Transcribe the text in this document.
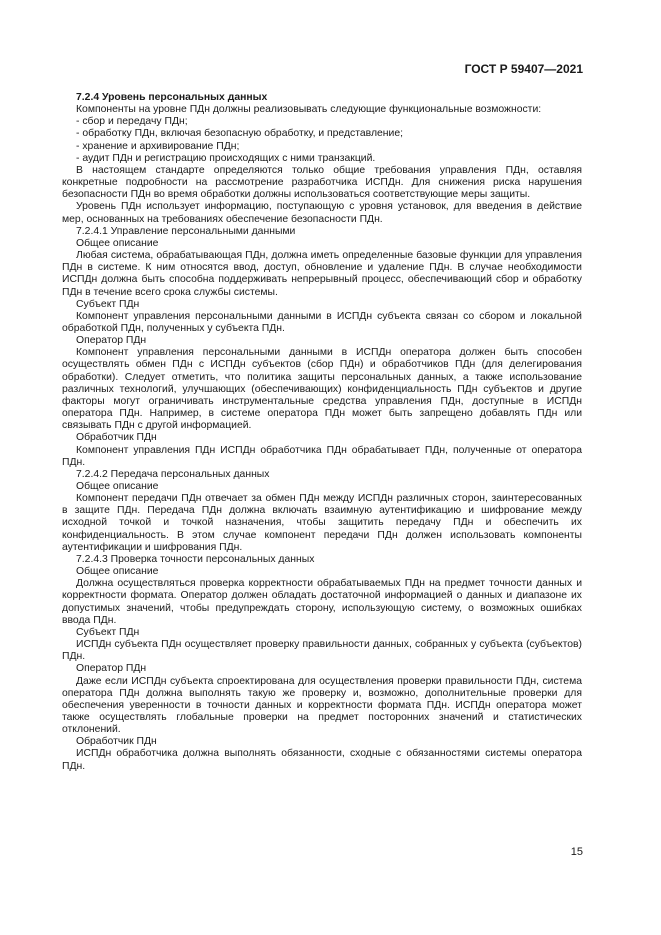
ГОСТ Р 59407—2021

7.2.4 Уровень персональных данных

Компоненты на уровне ПДн должны реализовывать следующие функциональные возможности:

- сбор и передачу ПДн;

- обработку ПДн, включая безопасную обработку, и представление;

- хранение и архивирование ПДн;

- аудит ПДн и регистрацию происходящих с ними транзакций.

В настоящем стандарте определяются только общие требования управления ПДн, оставляя конкретные подробности на рассмотрение разработчика ИСПДн. Для снижения риска нарушения безопасности ПДн во время обработки должны использоваться соответствующие меры защиты.

Уровень ПДн использует информацию, поступающую с уровня установок, для введения в действие мер, основанных на требованиях обеспечение безопасности ПДн.

7.2.4.1 Управление персональными данными

Общее описание

Любая система, обрабатывающая ПДн, должна иметь определенные базовые функции для управления ПДн в системе. К ним относятся ввод, доступ, обновление и удаление ПДн. В случае необходимости ИСПДн должна быть способна поддерживать непрерывный процесс, обеспечивающий сбор и обработку ПДн в течение всего срока службы системы.

Субъект ПДн

Компонент управления персональными данными в ИСПДн субъекта связан со сбором и локальной обработкой ПДн, полученных у субъекта ПДн.

Оператор ПДн

Компонент управления персональными данными в ИСПДн оператора должен быть способен осуществлять обмен ПДн с ИСПДн субъектов (сбор ПДн) и обработчиков ПДн (для делегирования обработки). Следует отметить, что политика защиты персональных данных, а также использование различных технологий, улучшающих (обеспечивающих) конфиденциальность ПДн субъектов и другие факторы могут ограничивать инструментальные средства управления ПДн, доступные в ИСПДн оператора ПДн. Например, в системе оператора ПДн может быть запрещено добавлять ПДн или связывать ПДн с другой информацией.

Обработчик ПДн

Компонент управления ПДн ИСПДн обработчика ПДн обрабатывает ПДн, полученные от оператора ПДн.

7.2.4.2 Передача персональных данных

Общее описание

Компонент передачи ПДн отвечает за обмен ПДн между ИСПДн различных сторон, заинтересованных в защите ПДн. Передача ПДн должна включать взаимную аутентификацию и шифрование между исходной точкой и точкой назначения, чтобы защитить передачу ПДн и обеспечить их конфиденциальность. В этом случае компонент передачи ПДн должен использовать компоненты аутентификации и шифрования ПДн.

7.2.4.3 Проверка точности персональных данных

Общее описание

Должна осуществляться проверка корректности обрабатываемых ПДн на предмет точности данных и корректности формата. Оператор должен обладать достаточной информацией о данных и диапазоне их допустимых значений, чтобы предупреждать сторону, использующую систему, о возможных ошибках ввода ПДн.

Субъект ПДн

ИСПДн субъекта ПДн осуществляет проверку правильности данных, собранных у субъекта (субъектов) ПДн.

Оператор ПДн

Даже если ИСПДн субъекта спроектирована для осуществления проверки правильности ПДн, система оператора ПДн должна выполнять такую же проверку и, возможно, дополнительные проверки для обеспечения уверенности в точности данных и корректности формата ПДн. ИСПДн оператора может также осуществлять глобальные проверки на предмет посторонних значений и статистических отклонений.

Обработчик ПДн

ИСПДн обработчика должна выполнять обязанности, сходные с обязанностями системы оператора ПДн.

15
